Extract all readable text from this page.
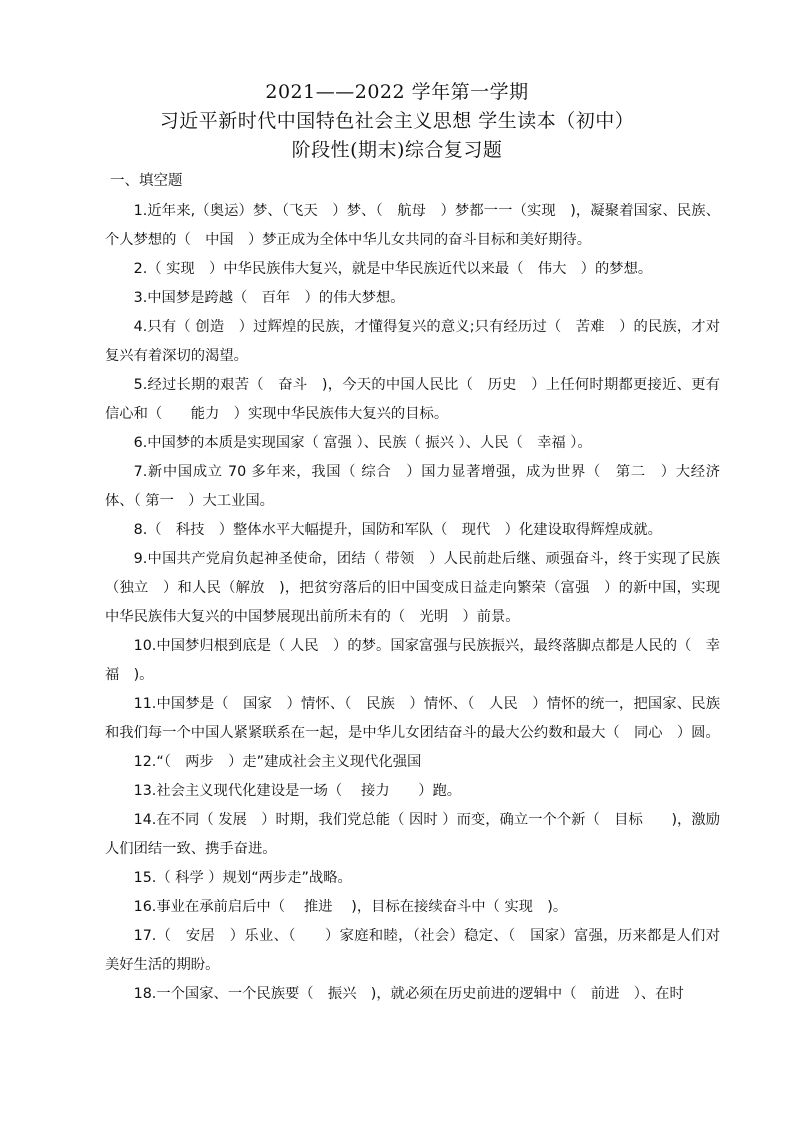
2021——2022 学年第一学期
习近平新时代中国特色社会主义思想 学生读本（初中）
阶段性(期末)综合复习题
一、填空题

1.近年来,（奥运）梦、（飞天　）梦、（　航母　）梦都一一（实现　)，凝聚着国家、民族、个人梦想的（　中国　）梦正成为全体中华儿女共同的奋斗目标和美好期待。

2.（ 实现　）中华民族伟大复兴，就是中华民族近代以来最（　伟大　）的梦想。

3.中国梦是跨越（　百年　）的伟大梦想。

4.只有（ 创造　）过辉煌的民族，才懂得复兴的意义;只有经历过（　苦难　）的民族，才对复兴有着深切的渴望。

5.经过长期的艰苦（　奋斗　)，今天的中国人民比（　历史　）上任何时期都更接近、更有信心和（　　能力　）实现中华民族伟大复兴的目标。

6.中国梦的本质是实现国家（ 富强 ）、民族（ 振兴 ）、人民（　幸福 ）。

7.新中国成立 70 多年来，我国（ 综合　）国力显著增强，成为世界（　第二　）大经济体、（ 第一　）大工业国。

8.（　科技　）整体水平大幅提升，国防和军队（　现代　）化建设取得辉煌成就。

9.中国共产党肩负起神圣使命，团结（ 带领　）人民前赴后继、顽强奋斗，终于实现了民族（独立　）和人民（解放　)，把贫穷落后的旧中国变成日益走向繁荣（富强　）的新中国，实现中华民族伟大复兴的中国梦展现出前所未有的（　光明　）前景。

10.中国梦归根到底是（ 人民　）的梦。国家富强与民族振兴，最终落脚点都是人民的（　幸福　)。

11.中国梦是（　国家　）情怀、（　民族　）情怀、（　人民　）情怀的统一，把国家、民族和我们每一个中国人紧紧联系在一起，是中华儿女团结奋斗的最大公约数和最大（　同心　）圆。

12.“（　两步　）走”建成社会主义现代化强国

13.社会主义现代化建设是一场（　 接力　　）跑。

14.在不同（ 发展　）时期，我们党总能（ 因时 ）而变，确立一个个新（　目标　　)，激励人们团结一致、携手奋进。

15.（ 科学 ）规划“两步走”战略。

16.事业在承前启后中（　 推进　 )，目标在接续奋斗中（ 实现　)。

17.（　安居　）乐业、（　　）家庭和睦，（社会）稳定、（　国家）富强，历来都是人们对美好生活的期盼。

18.一个国家、一个民族要（　振兴　)，就必须在历史前进的逻辑中（　前进　）、在时
